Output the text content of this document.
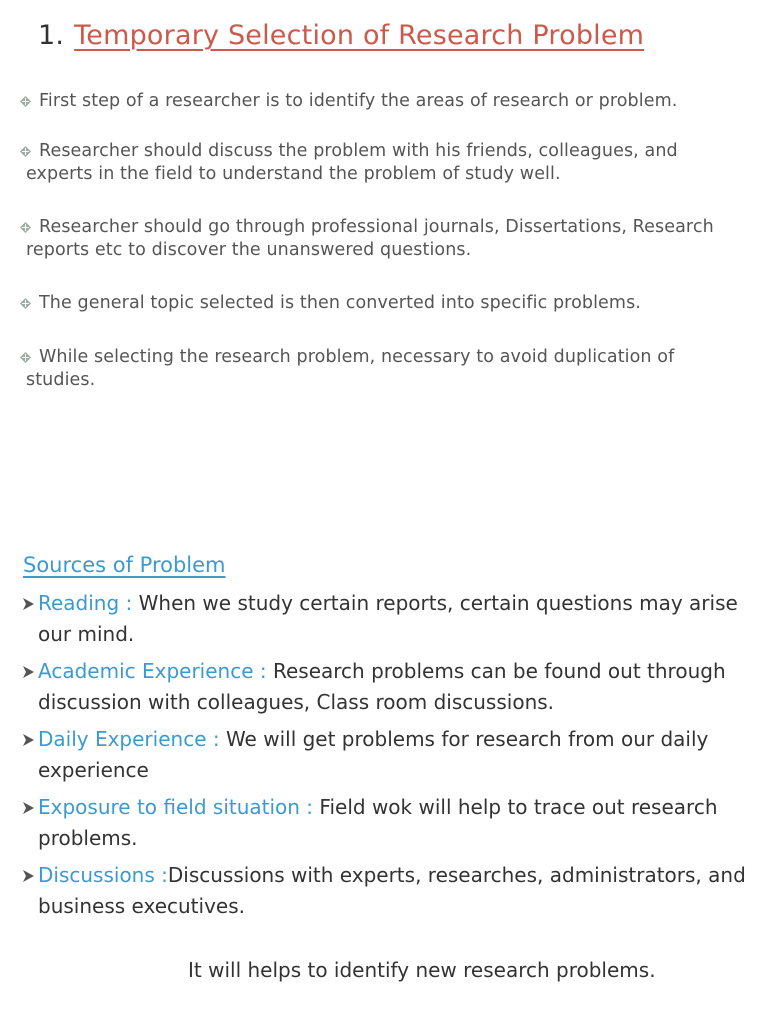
1. Temporary Selection of Research Problem
First step of a researcher is to identify the areas of research or problem.
Researcher should discuss the problem with his friends, colleagues, and experts in the field to understand the problem of study well.
Researcher should go through professional journals, Dissertations, Research reports etc to discover the unanswered questions.
The general topic selected is then converted into specific problems.
While selecting the research problem, necessary to avoid duplication of studies.
Sources of Problem
Reading : When we study certain reports, certain questions may arise our mind.
Academic Experience : Research problems can be found out through discussion with colleagues, Class room discussions.
Daily Experience : We will get problems for research from our daily experience
Exposure to field situation : Field wok will help to trace out research problems.
Discussions :Discussions with experts, researches, administrators, and business executives.
It will helps to identify new research problems.
